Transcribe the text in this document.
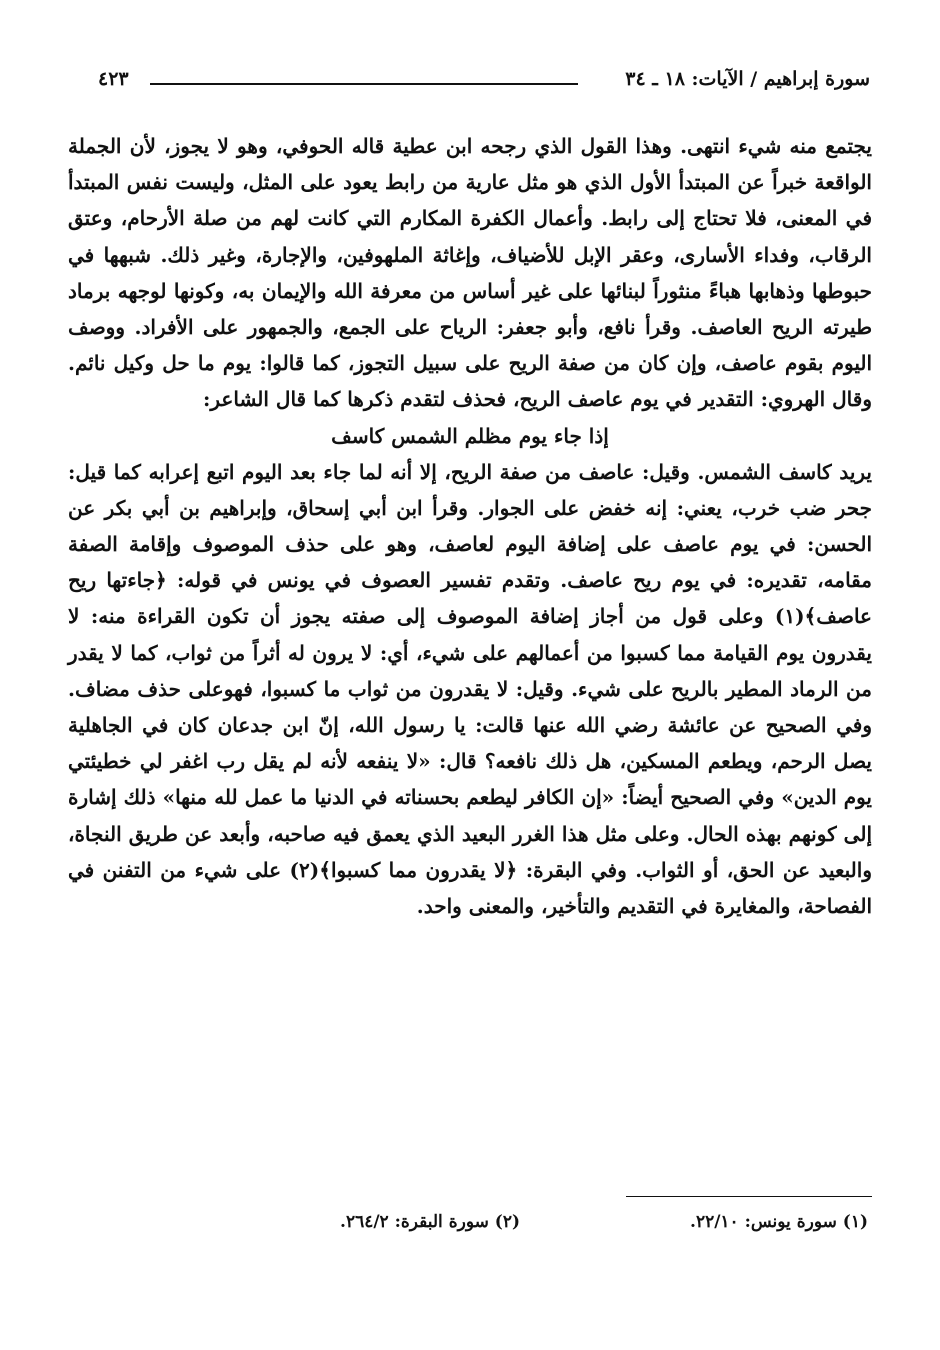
سورة إبراهيم / الآيات: ١٨ ـ ٣٤
٤٢٣

يجتمع منه شيء انتهى. وهذا القول الذي رجحه ابن عطية قاله الحوفي، وهو لا يجوز، لأن الجملة الواقعة خبراً عن المبتدأ الأول الذي هو مثل عارية من رابط يعود على المثل، وليست نفس المبتدأ في المعنى، فلا تحتاج إلى رابط. وأعمال الكفرة المكارم التي كانت لهم من صلة الأرحام، وعتق الرقاب، وفداء الأسارى، وعقر الإبل للأضياف، وإغاثة الملهوفين، والإجارة، وغير ذلك. شبهها في حبوطها وذهابها هباءً منثوراً لبنائها على غير أساس من معرفة الله والإيمان به، وكونها لوجهه برماد طيرته الريح العاصف. وقرأ نافع، وأبو جعفر: الرياح على الجمع، والجمهور على الأفراد. ووصف اليوم بقوم عاصف، وإن كان من صفة الريح على سبيل التجوز، كما قالوا: يوم ما حل وكيل نائم. وقال الهروي: التقدير في يوم عاصف الريح، فحذف لتقدم ذكرها كما قال الشاعر:

إذا جاء يوم مظلم الشمس كاسف

يريد كاسف الشمس. وقيل: عاصف من صفة الريح، إلا أنه لما جاء بعد اليوم اتبع إعرابه كما قيل: جحر ضب خرب، يعني: إنه خفض على الجوار. وقرأ ابن أبي إسحاق، وإبراهيم بن أبي بكر عن الحسن: في يوم عاصف على إضافة اليوم لعاصف، وهو على حذف الموصوف وإقامة الصفة مقامه، تقديره: في يوم ريح عاصف. وتقدم تفسير العصوف في يونس في قوله: ﴿جاءتها ريح عاصف﴾(١) وعلى قول من أجاز إضافة الموصوف إلى صفته يجوز أن تكون القراءة منه: لا يقدرون يوم القيامة مما كسبوا من أعمالهم على شيء، أي: لا يرون له أثراً من ثواب، كما لا يقدر من الرماد المطير بالريح على شيء. وقيل: لا يقدرون من ثواب ما كسبوا، فهوعلى حذف مضاف. وفي الصحيح عن عائشة رضي الله عنها قالت: يا رسول الله، إنّ ابن جدعان كان في الجاهلية يصل الرحم، ويطعم المسكين، هل ذلك نافعه؟ قال: «لا ينفعه لأنه لم يقل رب اغفر لي خطيئتي يوم الدين» وفي الصحيح أيضاً: «إن الكافر ليطعم بحسناته في الدنيا ما عمل لله منها» ذلك إشارة إلى كونهم بهذه الحال. وعلى مثل هذا الغرر البعيد الذي يعمق فيه صاحبه، وأبعد عن طريق النجاة، والبعيد عن الحق، أو الثواب. وفي البقرة: ﴿لا يقدرون مما كسبوا﴾(٢) على شيء من التفنن في الفصاحة، والمغايرة في التقديم والتأخير، والمعنى واحد.

(١) سورة يونس: ٢٢/١٠.
(٢) سورة البقرة: ٢٦٤/٢.
